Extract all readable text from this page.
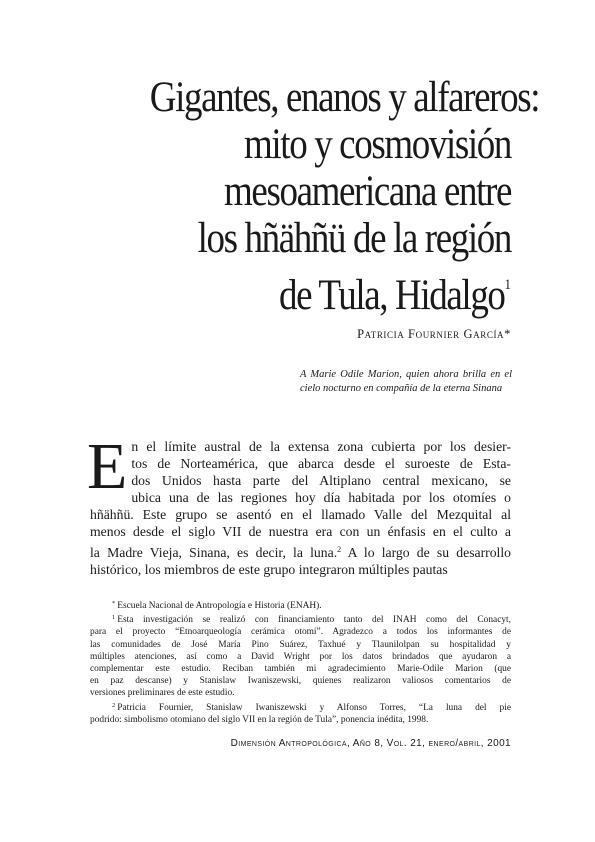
Gigantes, enanos y alfareros:
mito y cosmovisión
mesoamericana entre
los hñähñü de la región
de Tula, Hidalgo$^1$
Patricia Fournier García*

A Marie Odile Marion, quien ahora brilla en el cielo nocturno en compañía de la eterna Sinana

E n el límite austral de la extensa zona cubierta por los desier-
tos de Norteamérica, que abarca desde el suroeste de Esta-
dos Unidos hasta parte del Altiplano central mexicano, se
ubica una de las regiones hoy día habitada por los otomíes o
hñähñü. Este grupo se asentó en el llamado Valle del Mezquital al
menos desde el siglo VII de nuestra era con un énfasis en el culto a
la Madre Vieja, Sinana, es decir, la luna.$^2$ A lo largo de su desarrollo
histórico, los miembros de este grupo integraron múltiples pautas
* Escuela Nacional de Antropología e Historia (ENAH).
$^1$ Esta investigación se realizó con financiamiento tanto del INAH como del Conacyt,
para el proyecto “Etnoarqueología cerámica otomí”. Agradezco a todos los informantes de
las comunidades de José María Pino Suárez, Taxhué y Tlaunilolpan su hospitalidad y
múltiples atenciones, así como a David Wright por los datos brindados que ayudaron a
complementar este estudio. Reciban también mi agradecimiento Marie-Odile Marion (que
en paz descanse) y Stanislaw Iwaniszewski, quienes realizaron valiosos comentarios de
versiones preliminares de este estudio.
$^2$ Patricia Fournier, Stanislaw Iwaniszewski y Alfonso Torres, “La luna del pie
podrido: simbolismo otomiano del siglo VII en la región de Tula”, ponencia inédita, 1998.
Dimensión Antropológica, Año 8, Vol. 21, enero/abril, 2001
